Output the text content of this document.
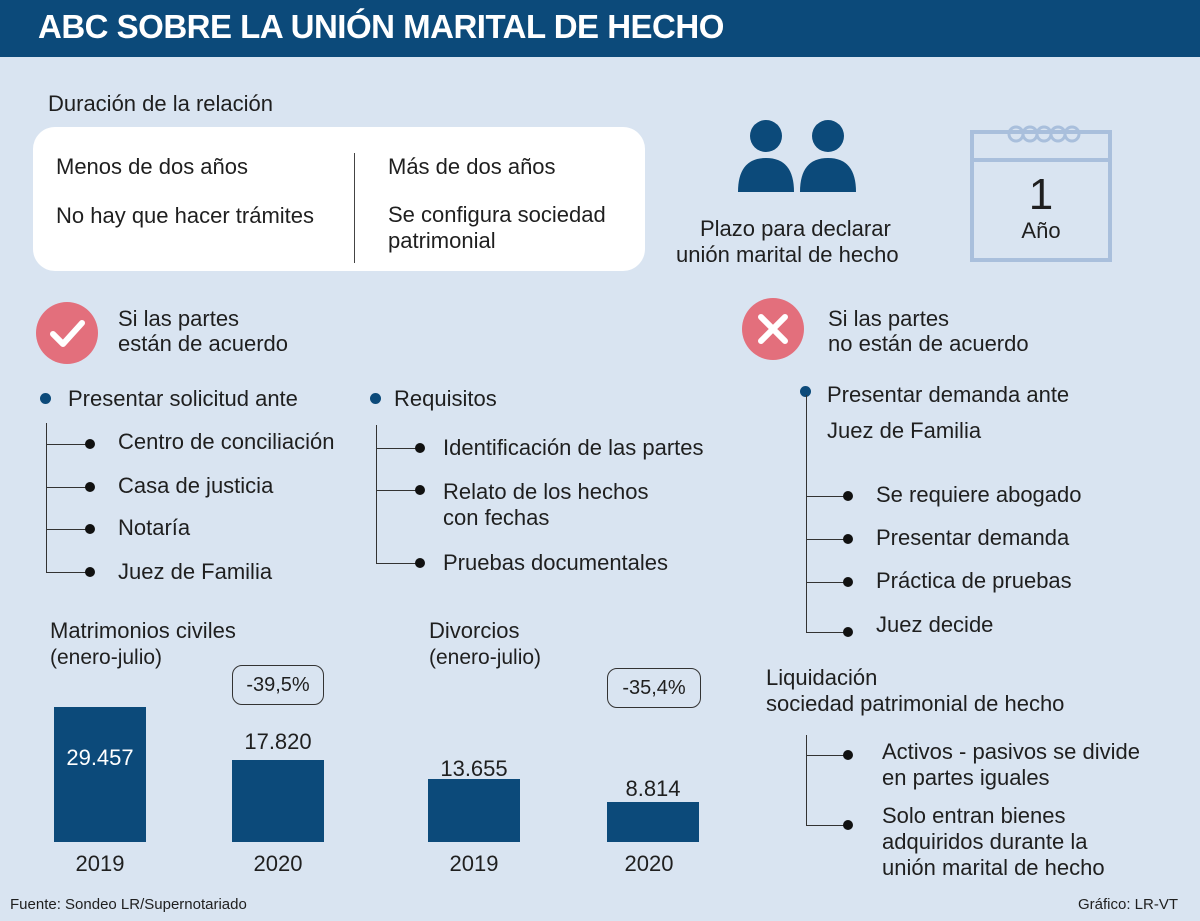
ABC SOBRE LA UNIÓN MARITAL DE HECHO
Duración de la relación
Menos de dos años
No hay que hacer trámites
Más de dos años
Se configura sociedad
patrimonial	Plazo para declarar
unión marital de hecho
1
Año
Si las partes
están de acuerdo
Presentar solicitud ante
Centro de conciliación
Casa de justicia
Notaría
Juez de Familia
Requisitos
Identificación de las partes
Relato de los hechos
con fechas
Pruebas documentales
Si las partes
no están de acuerdo
Presentar demanda ante
Juez de Familia
Se requiere abogado
Presentar demanda
Práctica de pruebas
Juez decide
Liquidación
sociedad patrimonial de hecho
Activos - pasivos se divide
en partes iguales
Solo entran bienes
adquiridos durante la
unión marital de hecho
Matrimonios civiles
(enero-julio)
-39,5%
Divorcios
(enero-julio)
-35,4%
29.457
17.820
13.655
8.814
2019	2020	2019	2020
Fuente: Sondeo LR/Supernotariado	Gráfico: LR-VT
